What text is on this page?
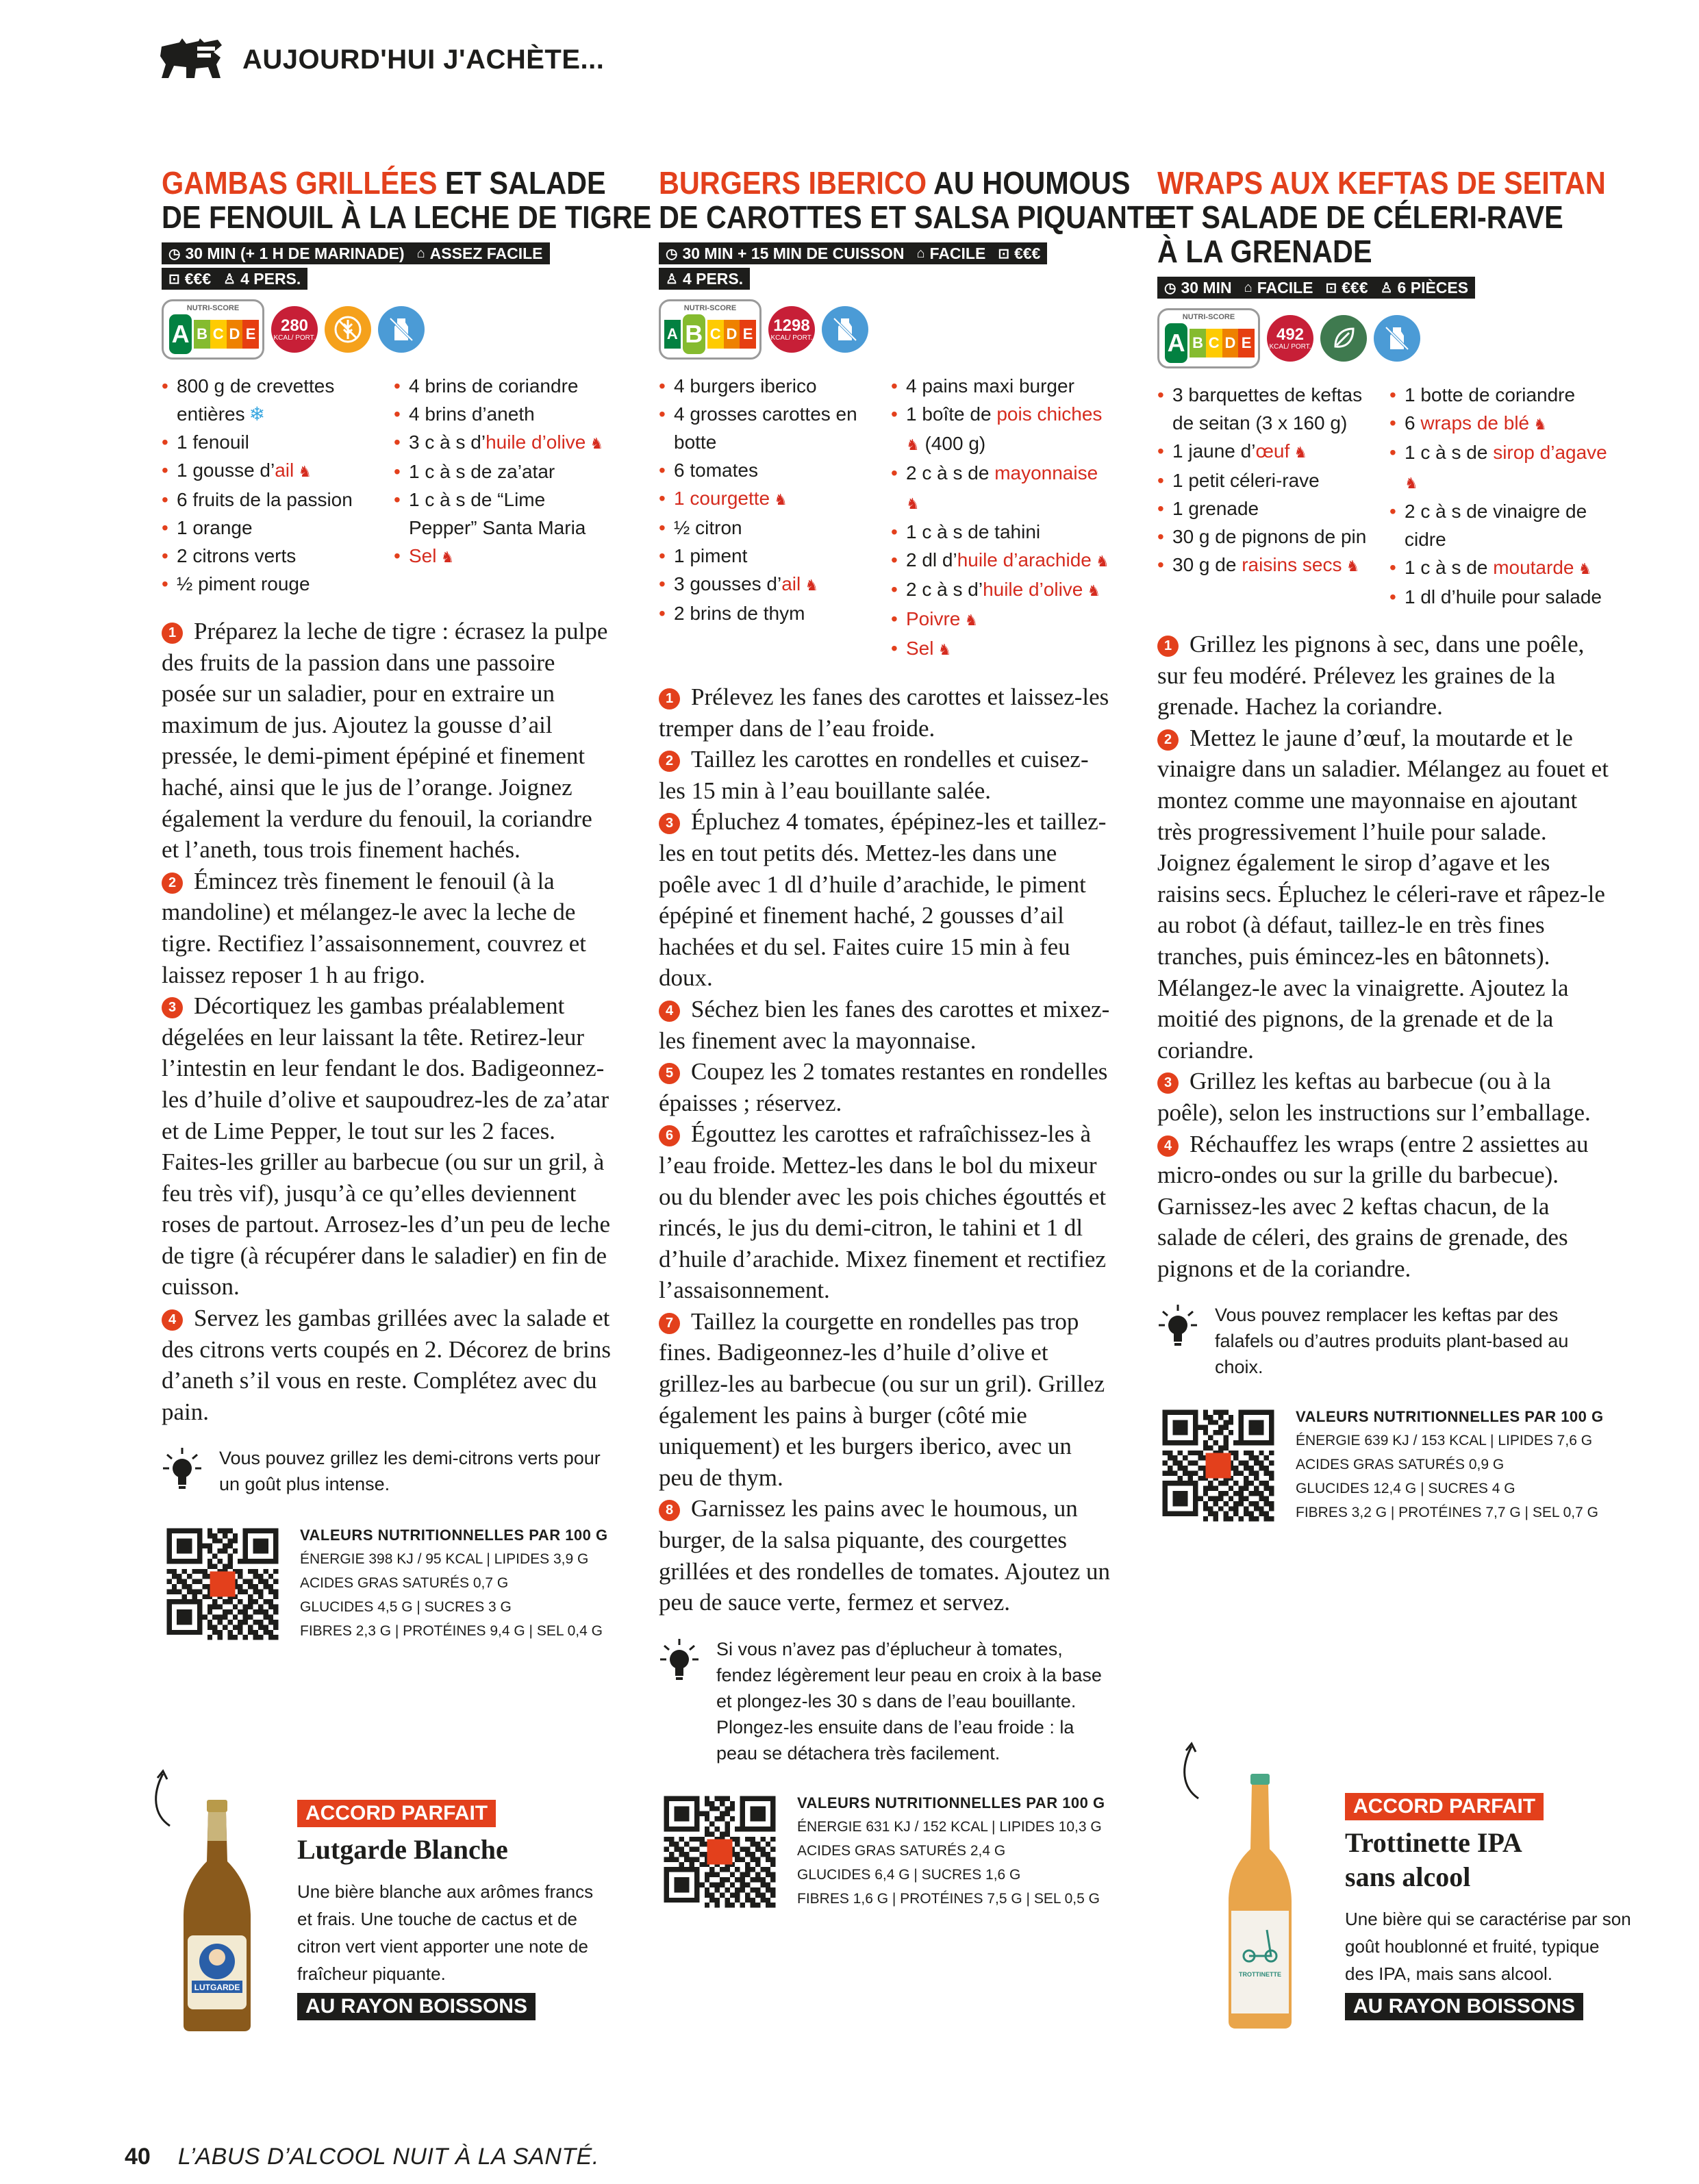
AUJOURD'HUI J'ACHÈTE...
GAMBAS GRILLÉES ET SALADE
DE FENOUIL À LA LECHE DE TIGRE
◷ 30 MIN (+ 1 H DE MARINADE) ⌂ ASSEZ FACILE
⊡ €€€ ♙ 4 PERS.
NUTRI-SCORE
A B C D E 280
KCAL/ PORT.
• 800 g de crevettes entières ❄
• 1 fenouil
• 1 gousse d’ail ♞
• 6 fruits de la passion
• 1 orange
• 2 citrons verts
• ½ piment rouge
• 4 brins de coriandre
• 4 brins d’aneth
• 3 c à s d’huile d’olive ♞
• 1 c à s de za’atar
• 1 c à s de “Lime Pepper” Santa Maria
• Sel ♞
1 Préparez la leche de tigre : écrasez la pulpe des fruits de la passion dans une passoire posée sur un saladier, pour en extraire un maximum de jus. Ajoutez la gousse d’ail pressée, le demi-piment épépiné et finement haché, ainsi que le jus de l’orange. Joignez également la verdure du fenouil, la coriandre et l’aneth, tous trois finement hachés.
2 Émincez très finement le fenouil (à la mandoline) et mélangez-le avec la leche de tigre. Rectifiez l’assaisonnement, couvrez et laissez reposer 1 h au frigo.
3 Décortiquez les gambas préalablement dégelées en leur laissant la tête. Retirez-leur l’intestin en leur fendant le dos. Badigeonnez-les d’huile d’olive et saupoudrez-les de za’atar et de Lime Pepper, le tout sur les 2 faces. Faites-les griller au barbecue (ou sur un gril, à feu très vif), jusqu’à ce qu’elles deviennent roses de partout. Arrosez-les d’un peu de leche de tigre (à récupérer dans le saladier) en fin de cuisson.
4 Servez les gambas grillées avec la salade et des citrons verts coupés en 2. Décorez de brins d’aneth s’il vous en reste. Complétez avec du pain.
Vous pouvez grillez les demi-citrons verts pour un goût plus intense.
VALEURS NUTRITIONNELLES PAR 100 G
ÉNERGIE 398 KJ / 95 KCAL | LIPIDES 3,9 G
ACIDES GRAS SATURÉS 0,7 G
GLUCIDES 4,5 G | SUCRES 3 G
FIBRES 2,3 G | PROTÉINES 9,4 G | SEL 0,4 G
BURGERS IBERICO AU HOUMOUS
DE CAROTTES ET SALSA PIQUANTE
◷ 30 MIN + 15 MIN DE CUISSON ⌂ FACILE ⊡ €€€
♙ 4 PERS.
NUTRI-SCORE
A B C D E 1298
KCAL/ PORT.
• 4 burgers iberico
• 4 grosses carottes en botte
• 6 tomates
• 1 courgette ♞
• ½ citron
• 1 piment
• 3 gousses d’ail ♞
• 2 brins de thym
• 4 pains maxi burger
• 1 boîte de pois chiches ♞ (400 g)
• 2 c à s de mayonnaise ♞
• 1 c à s de tahini
• 2 dl d’huile d’arachide ♞
• 2 c à s d’huile d’olive ♞
• Poivre ♞
• Sel ♞
1 Prélevez les fanes des carottes et laissez-les tremper dans de l’eau froide.
2 Taillez les carottes en rondelles et cuisez-les 15 min à l’eau bouillante salée.
3 Épluchez 4 tomates, épépinez-les et taillez-les en tout petits dés. Mettez-les dans une poêle avec 1 dl d’huile d’arachide, le piment épépiné et finement haché, 2 gousses d’ail hachées et du sel. Faites cuire 15 min à feu doux.
4 Séchez bien les fanes des carottes et mixez-les finement avec la mayonnaise.
5 Coupez les 2 tomates restantes en rondelles épaisses ; réservez.
6 Égouttez les carottes et rafraîchissez-les à l’eau froide. Mettez-les dans le bol du mixeur ou du blender avec les pois chiches égouttés et rincés, le jus du demi-citron, le tahini et 1 dl d’huile d’arachide. Mixez finement et rectifiez l’assaisonnement.
7 Taillez la courgette en rondelles pas trop fines. Badigeonnez-les d’huile d’olive et grillez-les au barbecue (ou sur un gril). Grillez également les pains à burger (côté mie uniquement) et les burgers iberico, avec un peu de thym.
8 Garnissez les pains avec le houmous, un burger, de la salsa piquante, des courgettes grillées et des rondelles de tomates. Ajoutez un peu de sauce verte, fermez et servez.
Si vous n’avez pas d’éplucheur à tomates, fendez légèrement leur peau en croix à la base et plongez-les 30 s dans de l’eau bouillante. Plongez-les ensuite dans de l’eau froide : la peau se détachera très facilement.
VALEURS NUTRITIONNELLES PAR 100 G
ÉNERGIE 631 KJ / 152 KCAL | LIPIDES 10,3 G
ACIDES GRAS SATURÉS 2,4 G
GLUCIDES 6,4 G | SUCRES 1,6 G
FIBRES 1,6 G | PROTÉINES 7,5 G | SEL 0,5 G
WRAPS AUX KEFTAS DE SEITAN
ET SALADE DE CÉLERI-RAVE
À LA GRENADE
◷ 30 MIN ⌂ FACILE ⊡ €€€ ♙ 6 PIÈCES
NUTRI-SCORE
A B C D E 492
KCAL/ PORT.
• 3 barquettes de keftas de seitan (3 x 160 g)
• 1 jaune d’œuf ♞
• 1 petit céleri-rave
• 1 grenade
• 30 g de pignons de pin
• 30 g de raisins secs ♞
• 1 botte de coriandre
• 6 wraps de blé ♞
• 1 c à s de sirop d’agave ♞
• 2 c à s de vinaigre de cidre
• 1 c à s de moutarde ♞
• 1 dl d’huile pour salade
1 Grillez les pignons à sec, dans une poêle, sur feu modéré. Prélevez les graines de la grenade. Hachez la coriandre.
2 Mettez le jaune d’œuf, la moutarde et le vinaigre dans un saladier. Mélangez au fouet et montez comme une mayonnaise en ajoutant très progressivement l’huile pour salade. Joignez également le sirop d’agave et les raisins secs. Épluchez le céleri-rave et râpez-le au robot (à défaut, taillez-le en très fines tranches, puis émincez-les en bâtonnets). Mélangez-le avec la vinaigrette. Ajoutez la moitié des pignons, de la grenade et de la coriandre.
3 Grillez les keftas au barbecue (ou à la poêle), selon les instructions sur l’emballage.
4 Réchauffez les wraps (entre 2 assiettes au micro-ondes ou sur la grille du barbecue). Garnissez-les avec 2 keftas chacun, de la salade de céleri, des grains de grenade, des pignons et de la coriandre.
Vous pouvez remplacer les keftas par des falafels ou d’autres produits plant-based au choix.
VALEURS NUTRITIONNELLES PAR 100 G
ÉNERGIE 639 KJ / 153 KCAL | LIPIDES 7,6 G
ACIDES GRAS SATURÉS 0,9 G
GLUCIDES 12,4 G | SUCRES 4 G
FIBRES 3,2 G | PROTÉINES 7,7 G | SEL 0,7 G
LUTGARDE
ACCORD PARFAIT
Lutgarde Blanche
Une bière blanche aux arômes francs et frais. Une touche de cactus et de citron vert vient apporter une note de fraîcheur piquante.
AU RAYON BOISSONS
TROTTINETTE
ACCORD PARFAIT
Trottinette IPA sans alcool
Une bière qui se caractérise par son goût houblonné et fruité, typique des IPA, mais sans alcool.
AU RAYON BOISSONS
40 L’ABUS D’ALCOOL NUIT À LA SANTÉ.
